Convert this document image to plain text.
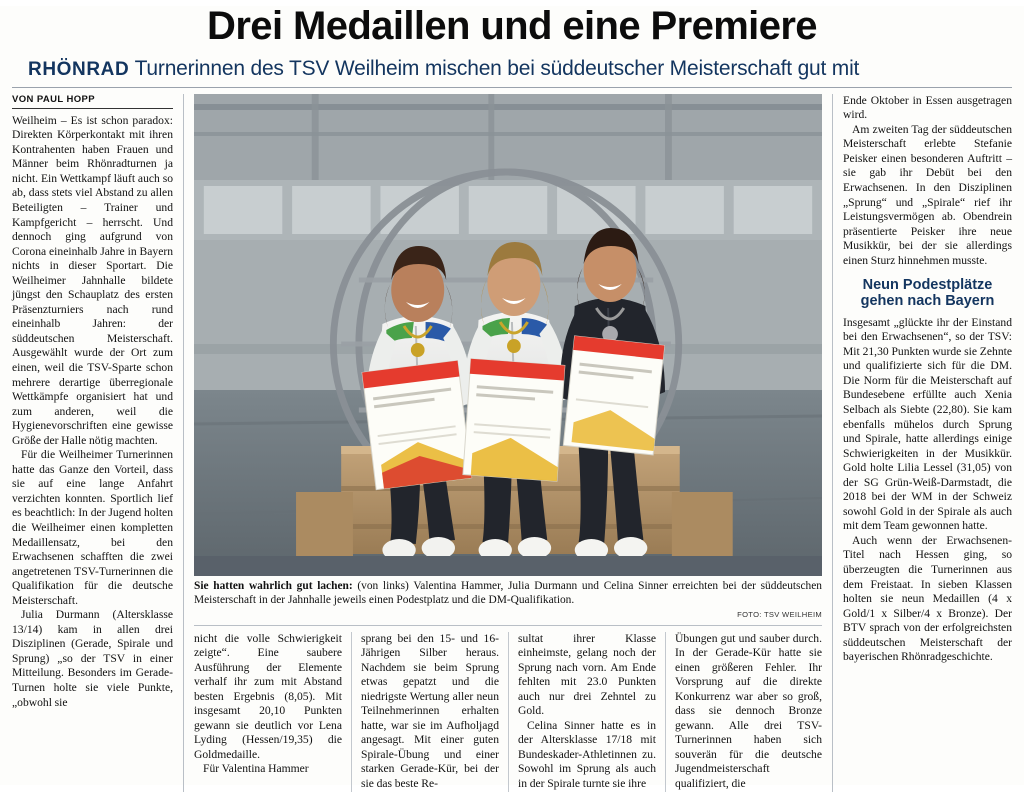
Drei Medaillen und eine Premiere
RHÖNRAD Turnerinnen des TSV Weilheim mischen bei süddeutscher Meisterschaft gut mit
VON PAUL HOPP

Weilheim – Es ist schon paradox: Direkten Körperkontakt mit ihren Kontrahenten haben Frauen und Männer beim Rhönradturnen ja nicht. Ein Wettkampf läuft auch so ab, dass stets viel Abstand zu allen Beteiligten – Trainer und Kampfgericht – herrscht. Und dennoch ging aufgrund von Corona eineinhalb Jahre in Bayern nichts in dieser Sportart. Die Weilheimer Jahnhalle bildete jüngst den Schauplatz des ersten Präsenzturniers nach rund eineinhalb Jahren: der süddeutschen Meisterschaft. Ausgewählt wurde der Ort zum einen, weil die TSV-Sparte schon mehrere derartige überregionale Wettkämpfe organisiert hat und zum anderen, weil die Hygienevorschriften eine gewisse Größe der Halle nötig machten.

Für die Weilheimer Turnerinnen hatte das Ganze den Vorteil, dass sie auf eine lange Anfahrt verzichten konnten. Sportlich lief es beachtlich: In der Jugend holten die Weilheimer einen kompletten Medaillensatz, bei den Erwachsenen schafften die zwei angetretenen TSV-Turnerinnen die Qualifikation für die deutsche Meisterschaft.

Julia Durmann (Altersklasse 13/14) kam in allen drei Disziplinen (Gerade, Spirale und Sprung) „so der TSV in einer Mitteilung. Besonders im Gerade-Turnen holte sie viele Punkte, „obwohl sie

Sie hatten wahrlich gut lachen: (von links) Valentina Hammer, Julia Durmann und Celina Sinner erreichten bei der süddeutschen Meisterschaft in der Jahnhalle jeweils einen Podestplatz und die DM-Qualifikation.
FOTO: TSV WEILHEIM

nicht die volle Schwierigkeit zeigte“. Eine saubere Ausführung der Elemente verhalf ihr zum mit Abstand besten Ergebnis (8,05). Mit insgesamt 20,10 Punkten gewann sie deutlich vor Lena Lyding (Hessen/19,35) die Goldmedaille.

Für Valentina Hammer

sprang bei den 15- und 16-Jährigen Silber heraus. Nachdem sie beim Sprung etwas gepatzt und die niedrigste Wertung aller neun Teilnehmerinnen erhalten hatte, war sie im Aufholjagd angesagt. Mit einer guten Spirale-Übung und einer starken Gerade-Kür, bei der sie das beste Re-

sultat ihrer Klasse einheimste, gelang noch der Sprung nach vorn. Am Ende fehlten mit 23.0 Punkten auch nur drei Zehntel zu Gold.

Celina Sinner hatte es in der Altersklasse 17/18 mit Bundeskader-Athletinnen zu. Sowohl im Sprung als auch in der Spirale turnte sie ihre

Übungen gut und sauber durch. In der Gerade-Kür hatte sie einen größeren Fehler. Ihr Vorsprung auf die direkte Konkurrenz war aber so groß, dass sie dennoch Bronze gewann. Alle drei TSV-Turnerinnen haben sich souverän für die deutsche Jugendmeisterschaft qualifiziert, die

Ende Oktober in Essen ausgetragen wird.

Am zweiten Tag der süddeutschen Meisterschaft erlebte Stefanie Peisker einen besonderen Auftritt – sie gab ihr Debüt bei den Erwachsenen. In den Disziplinen „Sprung“ und „Spirale“ rief ihr Leistungsvermögen ab. Obendrein präsentierte Peisker ihre neue Musikkür, bei der sie allerdings einen Sturz hinnehmen musste.

Neun Podestplätze gehen nach Bayern

Insgesamt „glückte ihr der Einstand bei den Erwachsenen“, so der TSV: Mit 21,30 Punkten wurde sie Zehnte und qualifizierte sich für die DM. Die Norm für die Meisterschaft auf Bundesebene erfüllte auch Xenia Selbach als Siebte (22,80). Sie kam ebenfalls mühelos durch Sprung und Spirale, hatte allerdings einige Schwierigkeiten in der Musikkür. Gold holte Lilia Lessel (31,05) von der SG Grün-Weiß-Darmstadt, die 2018 bei der WM in der Schweiz sowohl Gold in der Spirale als auch mit dem Team gewonnen hatte.

Auch wenn der Erwachsenen-Titel nach Hessen ging, so überzeugten die Turnerinnen aus dem Freistaat. In sieben Klassen holten sie neun Medaillen (4 x Gold/1 x Silber/4 x Bronze). Der BTV sprach von der erfolgreichsten süddeutschen Meisterschaft der bayerischen Rhönradgeschichte.
